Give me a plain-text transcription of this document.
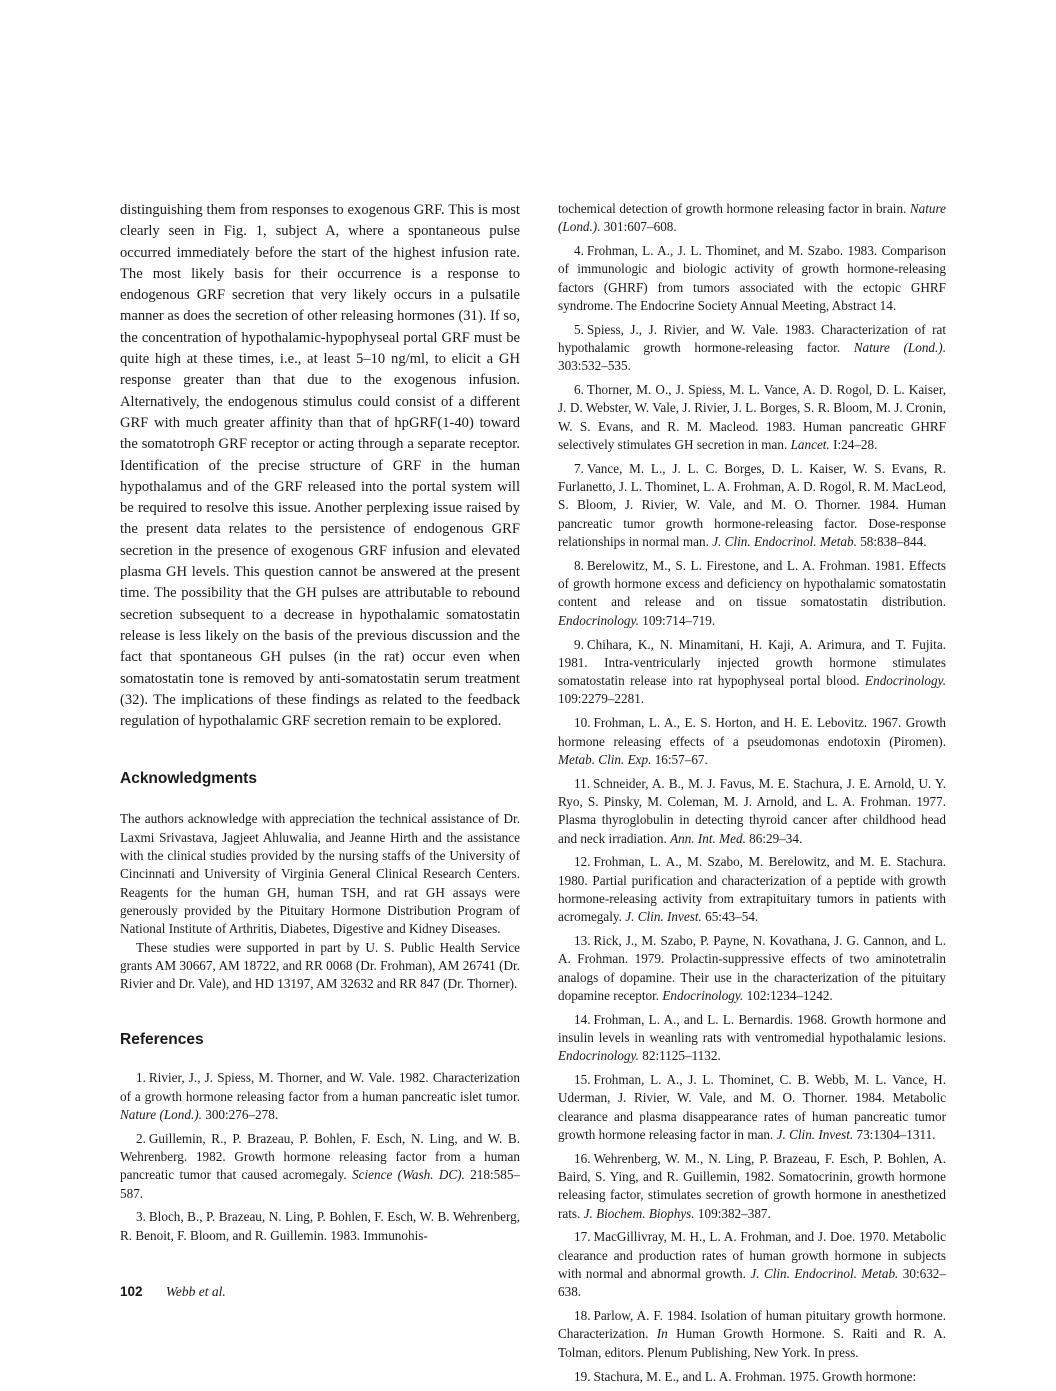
distinguishing them from responses to exogenous GRF. This is most clearly seen in Fig. 1, subject A, where a spontaneous pulse occurred immediately before the start of the highest infusion rate. The most likely basis for their occurrence is a response to endogenous GRF secretion that very likely occurs in a pulsatile manner as does the secretion of other releasing hormones (31). If so, the concentration of hypothalamic-hypophyseal portal GRF must be quite high at these times, i.e., at least 5–10 ng/ml, to elicit a GH response greater than that due to the exogenous infusion. Alternatively, the endogenous stimulus could consist of a different GRF with much greater affinity than that of hpGRF(1-40) toward the somatotroph GRF receptor or acting through a separate receptor. Identification of the precise structure of GRF in the human hypothalamus and of the GRF released into the portal system will be required to resolve this issue. Another perplexing issue raised by the present data relates to the persistence of endogenous GRF secretion in the presence of exogenous GRF infusion and elevated plasma GH levels. This question cannot be answered at the present time. The possibility that the GH pulses are attributable to rebound secretion subsequent to a decrease in hypothalamic somatostatin release is less likely on the basis of the previous discussion and the fact that spontaneous GH pulses (in the rat) occur even when somatostatin tone is removed by anti-somatostatin serum treatment (32). The implications of these findings as related to the feedback regulation of hypothalamic GRF secretion remain to be explored.

Acknowledgments

The authors acknowledge with appreciation the technical assistance of Dr. Laxmi Srivastava, Jagjeet Ahluwalia, and Jeanne Hirth and the assistance with the clinical studies provided by the nursing staffs of the University of Cincinnati and University of Virginia General Clinical Research Centers. Reagents for the human GH, human TSH, and rat GH assays were generously provided by the Pituitary Hormone Distribution Program of National Institute of Arthritis, Diabetes, Digestive and Kidney Diseases.

These studies were supported in part by U. S. Public Health Service grants AM 30667, AM 18722, and RR 0068 (Dr. Frohman), AM 26741 (Dr. Rivier and Dr. Vale), and HD 13197, AM 32632 and RR 847 (Dr. Thorner).

References

1. Rivier, J., J. Spiess, M. Thorner, and W. Vale. 1982. Characterization of a growth hormone releasing factor from a human pancreatic islet tumor. Nature (Lond.). 300:276–278.

2. Guillemin, R., P. Brazeau, P. Bohlen, F. Esch, N. Ling, and W. B. Wehrenberg. 1982. Growth hormone releasing factor from a human pancreatic tumor that caused acromegaly. Science (Wash. DC). 218:585–587.

3. Bloch, B., P. Brazeau, N. Ling, P. Bohlen, F. Esch, W. B. Wehrenberg, R. Benoit, F. Bloom, and R. Guillemin. 1983. Immunohis-

tochemical detection of growth hormone releasing factor in brain. Nature (Lond.). 301:607–608.

4. Frohman, L. A., J. L. Thominet, and M. Szabo. 1983. Comparison of immunologic and biologic activity of growth hormone-releasing factors (GHRF) from tumors associated with the ectopic GHRF syndrome. The Endocrine Society Annual Meeting, Abstract 14.

5. Spiess, J., J. Rivier, and W. Vale. 1983. Characterization of rat hypothalamic growth hormone-releasing factor. Nature (Lond.). 303:532–535.

6. Thorner, M. O., J. Spiess, M. L. Vance, A. D. Rogol, D. L. Kaiser, J. D. Webster, W. Vale, J. Rivier, J. L. Borges, S. R. Bloom, M. J. Cronin, W. S. Evans, and R. M. Macleod. 1983. Human pancreatic GHRF selectively stimulates GH secretion in man. Lancet. I:24–28.

7. Vance, M. L., J. L. C. Borges, D. L. Kaiser, W. S. Evans, R. Furlanetto, J. L. Thominet, L. A. Frohman, A. D. Rogol, R. M. MacLeod, S. Bloom, J. Rivier, W. Vale, and M. O. Thorner. 1984. Human pancreatic tumor growth hormone-releasing factor. Dose-response relationships in normal man. J. Clin. Endocrinol. Metab. 58:838–844.

8. Berelowitz, M., S. L. Firestone, and L. A. Frohman. 1981. Effects of growth hormone excess and deficiency on hypothalamic somatostatin content and release and on tissue somatostatin distribution. Endocrinology. 109:714–719.

9. Chihara, K., N. Minamitani, H. Kaji, A. Arimura, and T. Fujita. 1981. Intra-ventricularly injected growth hormone stimulates somatostatin release into rat hypophyseal portal blood. Endocrinology. 109:2279–2281.

10. Frohman, L. A., E. S. Horton, and H. E. Lebovitz. 1967. Growth hormone releasing effects of a pseudomonas endotoxin (Piromen). Metab. Clin. Exp. 16:57–67.

11. Schneider, A. B., M. J. Favus, M. E. Stachura, J. E. Arnold, U. Y. Ryo, S. Pinsky, M. Coleman, M. J. Arnold, and L. A. Frohman. 1977. Plasma thyroglobulin in detecting thyroid cancer after childhood head and neck irradiation. Ann. Int. Med. 86:29–34.

12. Frohman, L. A., M. Szabo, M. Berelowitz, and M. E. Stachura. 1980. Partial purification and characterization of a peptide with growth hormone-releasing activity from extrapituitary tumors in patients with acromegaly. J. Clin. Invest. 65:43–54.

13. Rick, J., M. Szabo, P. Payne, N. Kovathana, J. G. Cannon, and L. A. Frohman. 1979. Prolactin-suppressive effects of two aminotetralin analogs of dopamine. Their use in the characterization of the pituitary dopamine receptor. Endocrinology. 102:1234–1242.

14. Frohman, L. A., and L. L. Bernardis. 1968. Growth hormone and insulin levels in weanling rats with ventromedial hypothalamic lesions. Endocrinology. 82:1125–1132.

15. Frohman, L. A., J. L. Thominet, C. B. Webb, M. L. Vance, H. Uderman, J. Rivier, W. Vale, and M. O. Thorner. 1984. Metabolic clearance and plasma disappearance rates of human pancreatic tumor growth hormone releasing factor in man. J. Clin. Invest. 73:1304–1311.

16. Wehrenberg, W. M., N. Ling, P. Brazeau, F. Esch, P. Bohlen, A. Baird, S. Ying, and R. Guillemin, 1982. Somatocrinin, growth hormone releasing factor, stimulates secretion of growth hormone in anesthetized rats. J. Biochem. Biophys. 109:382–387.

17. MacGillivray, M. H., L. A. Frohman, and J. Doe. 1970. Metabolic clearance and production rates of human growth hormone in subjects with normal and abnormal growth. J. Clin. Endocrinol. Metab. 30:632–638.

18. Parlow, A. F. 1984. Isolation of human pituitary growth hormone. Characterization. In Human Growth Hormone. S. Raiti and R. A. Tolman, editors. Plenum Publishing, New York. In press.

19. Stachura, M. E., and L. A. Frohman. 1975. Growth hormone:

102 Webb et al.
